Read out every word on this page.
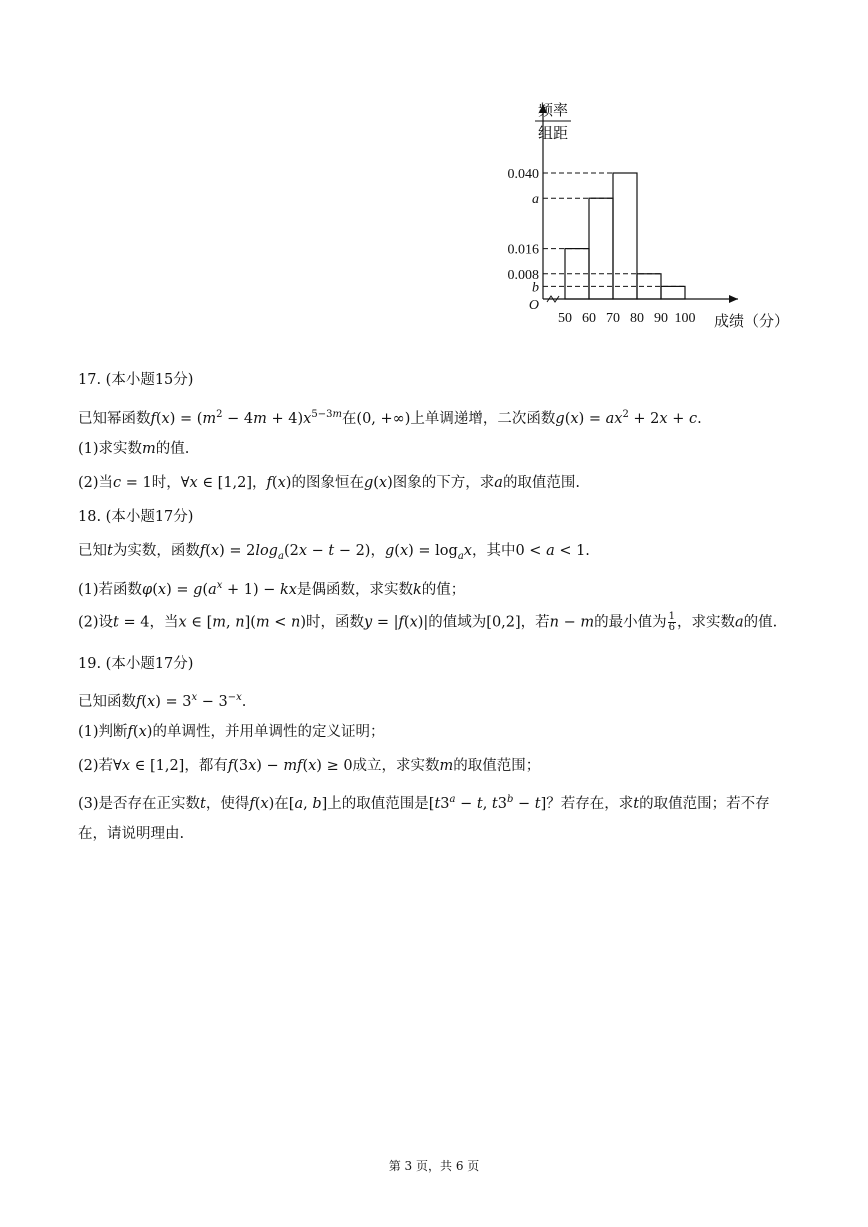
频率
组距
0.040
a
0.016
0.008
b
O
50 60 70 80 90 100 成绩（分）
17. (本小题15分)
已知幂函数$f(x) = (m^2 - 4m + 4)x^{5-3m}$在(0, +∞)上单调递增，二次函数$g(x) = ax^2 + 2x + c$.
(1)求实数m的值.
(2)当c = 1时，∀x ∈ [1,2]，f(x)的图象恒在g(x)图象的下方，求a的取值范围.
18. (本小题17分)
已知t为实数，函数$f(x) = 2\log_a(2x - t - 2)$，$g(x) = \log_ax$，其中0 < a < 1.
(1)若函数$\varphi(x) = g(a^x + 1)$ − kx是偶函数，求实数k的值；
(2)设t = 4，当x ∈ [m, n](m < n)时，函数y = |f(x)|的值域为[0,2]，若n − m的最小值为 $\frac{1}{6}$ ，求实数a的值.
19. (本小题17分)
已知函数$f(x) = 3^x - 3^{-x}$.
(1)判断f(x)的单调性，并用单调性的定义证明；
(2)若∀x ∈ [1,2]，都有f(3x) − mf(x) ≥ 0成立，求实数m的取值范围；
(3)是否存在正实数t，使得f(x)在[a, b]上的取值范围是[$t3^a - t$, $t3^b - t$]？若存在，求t的取值范围；若不存
在，请说明理由.
第 3 页，共 6 页
